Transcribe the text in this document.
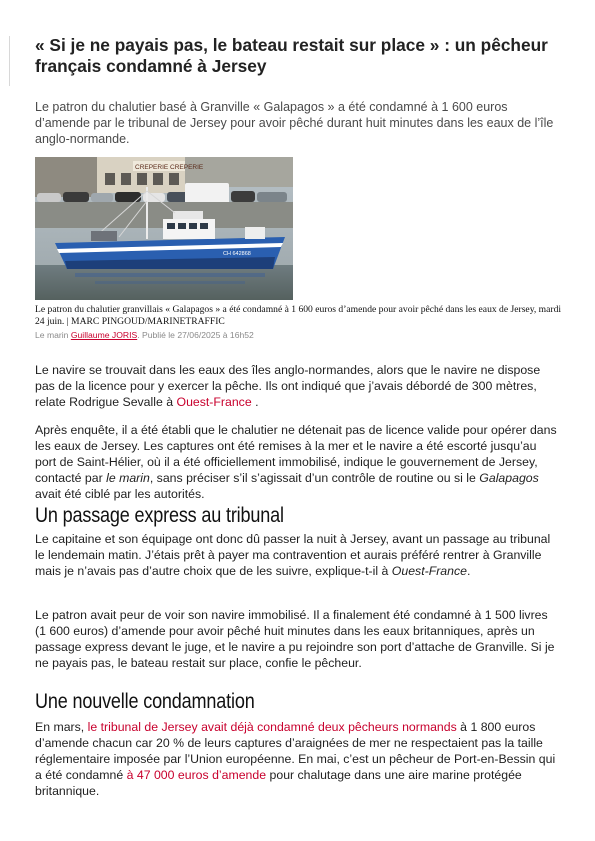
« Si je ne payais pas, le bateau restait sur place » : un pêcheur français condamné à Jersey

Le patron du chalutier basé à Granville « Galapagos » a été condamné à 1 600 euros d’amende par le tribunal de Jersey pour avoir pêché durant huit minutes dans les eaux de l’île anglo-normande.

CREPERIE CREPERIE
CH 642868

Le patron du chalutier granvillais « Galapagos » a été condamné à 1 600 euros d’amende pour avoir pêché dans les eaux de Jersey, mardi 24 juin. | MARC PINGOUD/MARINETRAFFIC

Le marin Guillaume JORIS. Publié le 27/06/2025 à 16h52

Le navire se trouvait dans les eaux des îles anglo-normandes, alors que le navire ne dispose pas de la licence pour y exercer la pêche. Ils ont indiqué que j’avais débordé de 300 mètres, relate Rodrigue Sevalle à Ouest-France .

Après enquête, il a été établi que le chalutier ne détenait pas de licence valide pour opérer dans les eaux de Jersey. Les captures ont été remises à la mer et le navire a été escorté jusqu’au port de Saint-Hélier, où il a été officiellement immobilisé, indique le gouvernement de Jersey, contacté par le marin, sans préciser s’il s’agissait d’un contrôle de routine ou si le Galapagos avait été ciblé par les autorités.

Un passage express au tribunal

Le capitaine et son équipage ont donc dû passer la nuit à Jersey, avant un passage au tribunal le lendemain matin. J’étais prêt à payer ma contravention et aurais préféré rentrer à Granville mais je n’avais pas d’autre choix que de les suivre, explique-t-il à Ouest-France.

Le patron avait peur de voir son navire immobilisé. Il a finalement été condamné à 1 500 livres (1 600 euros) d’amende pour avoir pêché huit minutes dans les eaux britanniques, après un passage express devant le juge, et le navire a pu rejoindre son port d’attache de Granville. Si je ne payais pas, le bateau restait sur place, confie le pêcheur.

Une nouvelle condamnation

En mars, le tribunal de Jersey avait déjà condamné deux pêcheurs normands à 1 800 euros d’amende chacun car 20 % de leurs captures d’araignées de mer ne respectaient pas la taille réglementaire imposée par l’Union européenne. En mai, c’est un pêcheur de Port-en-Bessin qui a été condamné à 47 000 euros d’amende pour chalutage dans une aire marine protégée britannique.
